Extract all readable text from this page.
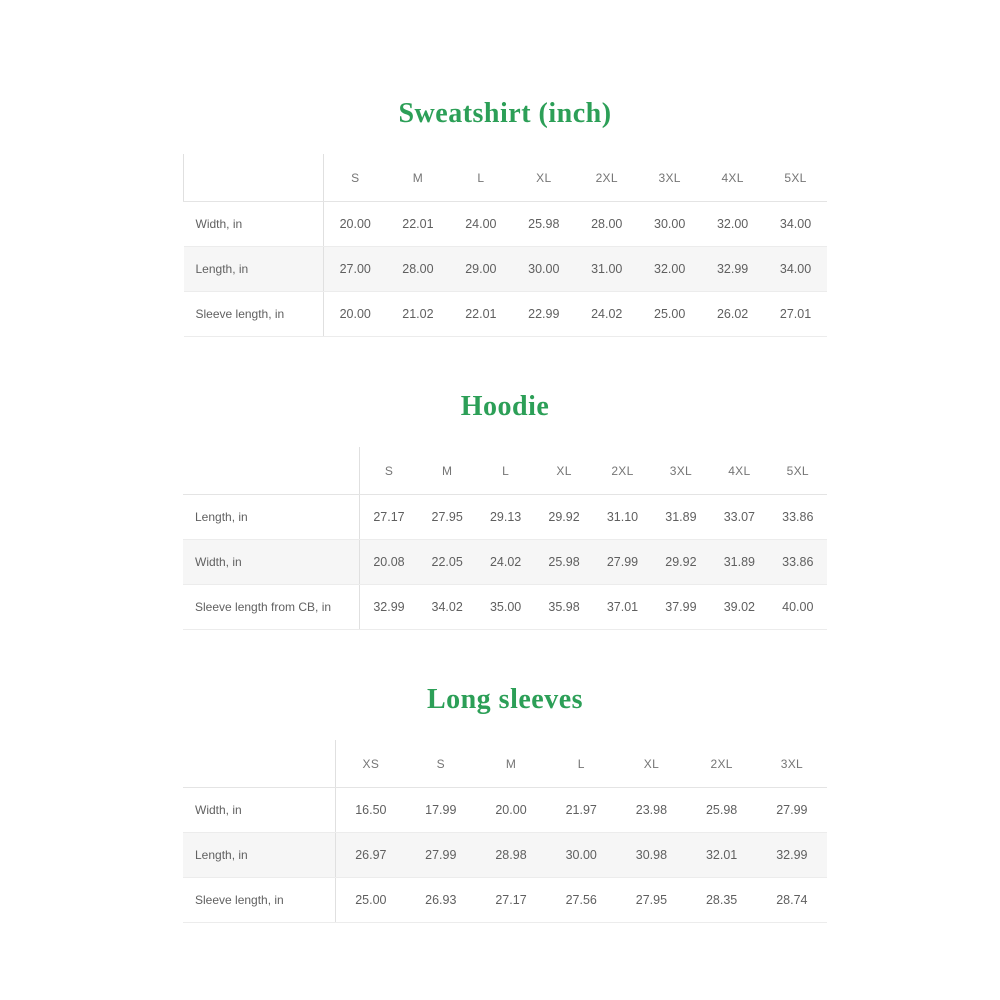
Sweatshirt (inch)
	S	M	L	XL	2XL	3XL	4XL	5XL
Width, in	20.00	22.01	24.00	25.98	28.00	30.00	32.00	34.00
Length, in	27.00	28.00	29.00	30.00	31.00	32.00	32.99	34.00
Sleeve length, in	20.00	21.02	22.01	22.99	24.02	25.00	26.02	27.01
Hoodie
	S	M	L	XL	2XL	3XL	4XL	5XL
Length, in	27.17	27.95	29.13	29.92	31.10	31.89	33.07	33.86
Width, in	20.08	22.05	24.02	25.98	27.99	29.92	31.89	33.86
Sleeve length from CB, in	32.99	34.02	35.00	35.98	37.01	37.99	39.02	40.00
Long sleeves
	XS	S	M	L	XL	2XL	3XL
Width, in	16.50	17.99	20.00	21.97	23.98	25.98	27.99
Length, in	26.97	27.99	28.98	30.00	30.98	32.01	32.99
Sleeve length, in	25.00	26.93	27.17	27.56	27.95	28.35	28.74
